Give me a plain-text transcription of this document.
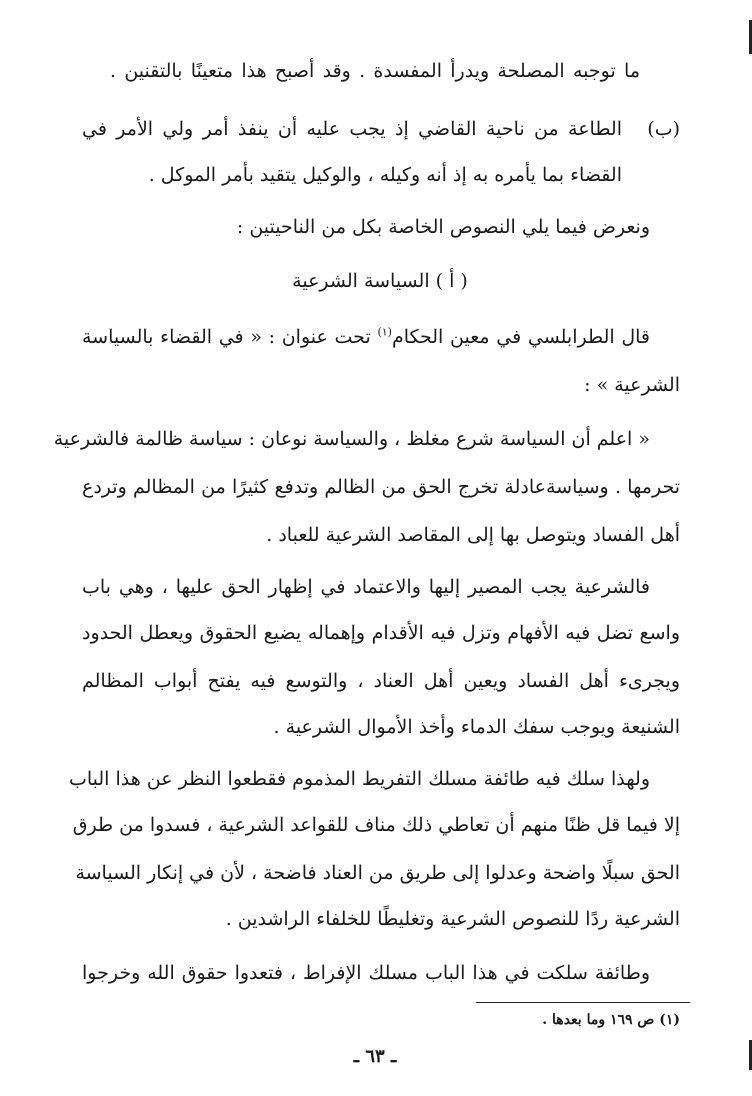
ما توجبه المصلحة ويدرأ المفسدة . وقد أصبح هذا متعينًا بالتقنين .
(ب)
الطاعة من ناحية القاضي إذ يجب عليه أن ينفذ أمر ولي الأمر في
القضاء بما يأمره به إذ أنه وكيله ، والوكيل يتقيد بأمر الموكل .
ونعرض فيما يلي النصوص الخاصة بكل من الناحيتين :
( أ ) السياسة الشرعية
قال الطرابلسي في معين الحكام$^{(١)}$ تحت عنوان : « في القضاء بالسياسة
الشرعية » :
« اعلم أن السياسة شرع مغلظ ، والسياسة نوعان : سياسة ظالمة فالشرعية
تحرمها . وسياسةعادلة تخرج الحق من الظالم وتدفع كثيرًا من المظالم وتردع
أهل الفساد ويتوصل بها إلى المقاصد الشرعية للعباد .
فالشرعية يجب المصير إليها والاعتماد في إظهار الحق عليها ، وهي باب
واسع تضل فيه الأفهام وتزل فيه الأقدام وإهماله يضيع الحقوق ويعطل الحدود
ويجرىء أهل الفساد ويعين أهل العناد ، والتوسع فيه يفتح أبواب المظالم
الشنيعة ويوجب سفك الدماء وأخذ الأموال الشرعية .
ولهذا سلك فيه طائفة مسلك التفريط المذموم فقطعوا النظر عن هذا الباب
إلا فيما قل ظنًا منهم أن تعاطي ذلك مناف للقواعد الشرعية ، فسدوا من طرق
الحق سبلًا واضحة وعدلوا إلى طريق من العناد فاضحة ، لأن في إنكار السياسة
الشرعية ردًا للنصوص الشرعية وتغليطًا للخلفاء الراشدين .
وطائفة سلكت في هذا الباب مسلك الإفراط ، فتعدوا حقوق الله وخرجوا
(١) ص ١٦٩ وما بعدها .
ـ ٦٣ ـ
